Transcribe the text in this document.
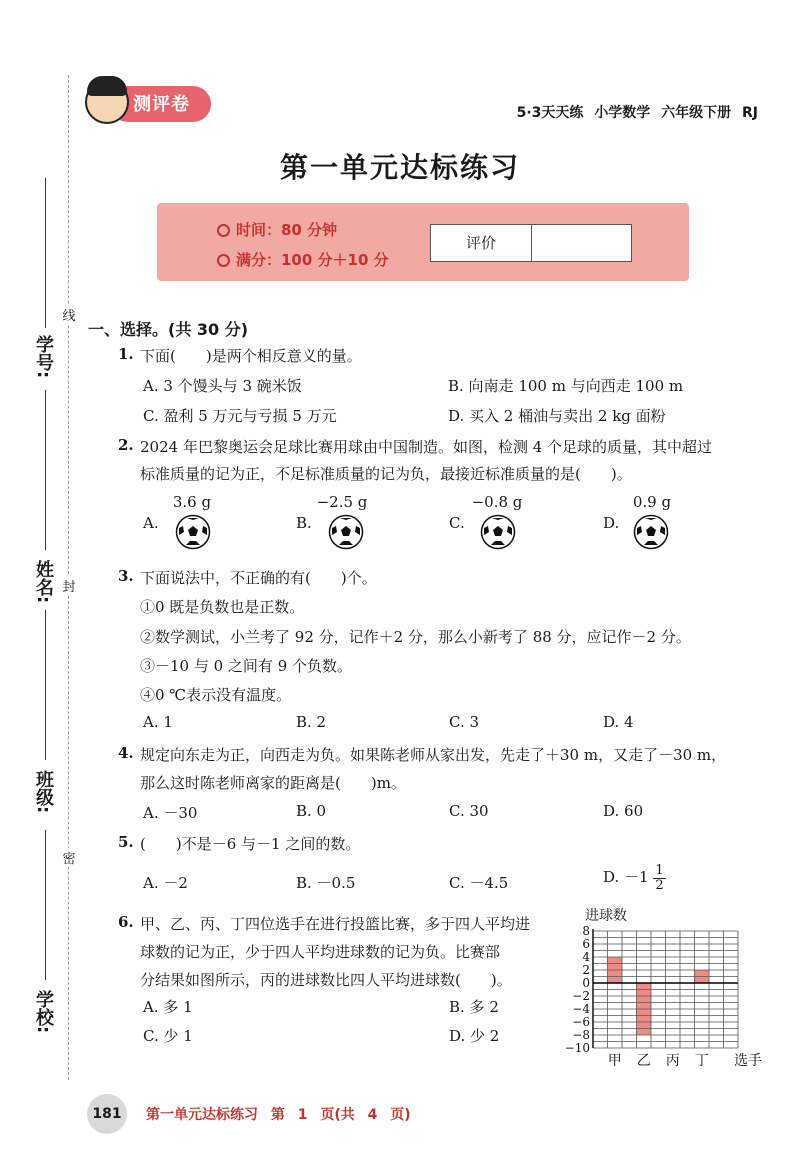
学号:
姓名:
班级:
学校:
线
封
密
测评卷	5·3天天练 小学数学 六年级下册 RJ
第一单元达标练习
时间：80 分钟
满分：100 分＋10 分
评价
一、选择。(共 30 分)
1. 下面(　　)是两个相反意义的量。
A. 3 个馒头与 3 碗米饭	B. 向南走 100 m 与向西走 100 m
C. 盈利 5 万元与亏损 5 万元	D. 买入 2 桶油与卖出 2 kg 面粉
2. 2024 年巴黎奥运会足球比赛用球由中国制造。如图，检测 4 个足球的质量，其中超过
标准质量的记为正，不足标准质量的记为负，最接近标准质量的是(　　)。
3.6 g	−2.5 g	−0.8 g	0.9 g
A.	B.	C.	D.
3. 下面说法中，不正确的有(　　)个。
①0 既是负数也是正数。
②数学测试，小兰考了 92 分，记作＋2 分，那么小新考了 88 分，应记作－2 分。
③－10 与 0 之间有 9 个负数。
④0 ℃表示没有温度。
A. 1	B. 2	C. 3	D. 4
4. 规定向东走为正，向西走为负。如果陈老师从家出发，先走了＋30 m，又走了－30 m，
那么这时陈老师离家的距离是(　　)m。
A. －30	B. 0	C. 30	D. 60
5. (　　)不是－6 与－1 之间的数。
A. －2	B. －0.5	C. －4.5	D. $-1 \frac{1}{2}$
6. 甲、乙、丙、丁四位选手在进行投篮比赛，多于四人平均进
球数的记为正，少于四人平均进球数的记为负。比赛部
分结果如图所示，丙的进球数比四人平均进球数(　　)。
A. 多 1	B. 多 2
C. 少 1	D. 少 2
进球数
8
6
4
2
0
−2
−4
−6
−8
−10
甲 乙 丙 丁 选手
181	第一单元达标练习 第 1 页(共 4 页)
